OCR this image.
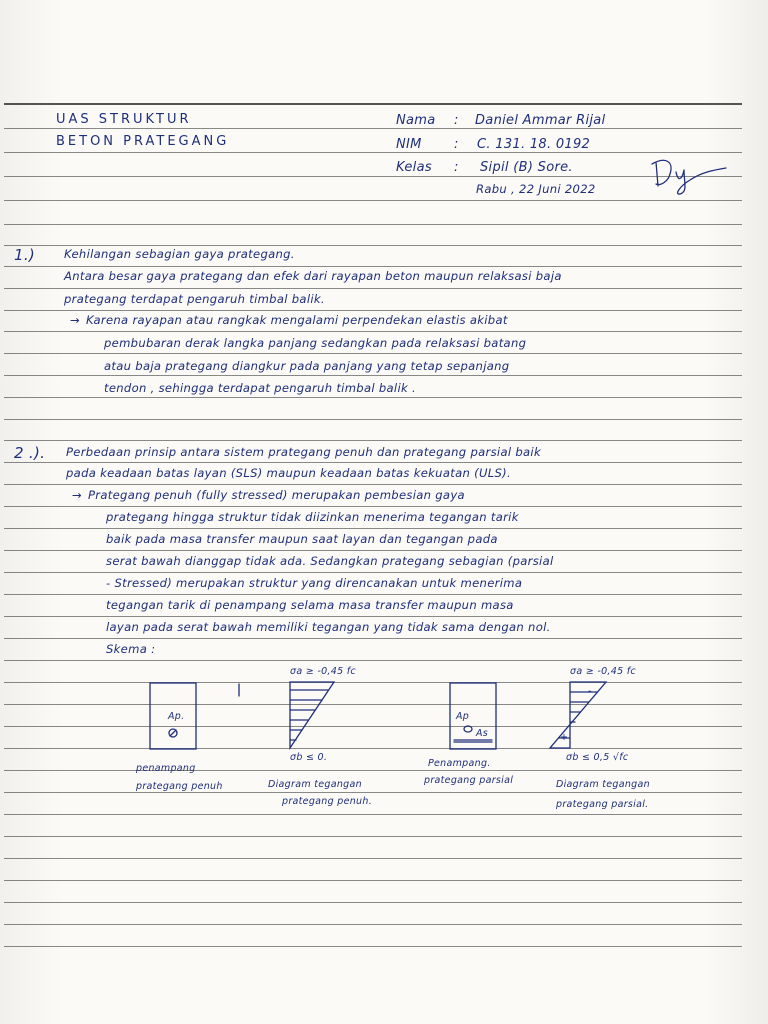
UAS STRUKTUR
BETON PRATEGANG
Nama : Daniel Ammar Rijal
NIM : C. 131. 18. 0192
Kelas : Sipil (B) Sore.
Rabu , 22 Juni 2022
1.) Kehilangan sebagian gaya prategang.
Antara besar gaya prategang dan efek dari rayapan beton maupun relaksasi baja
prategang terdapat pengaruh timbal balik.
→ Karena rayapan atau rangkak mengalami perpendekan elastis akibat
pembubaran derak langka panjang sedangkan pada relaksasi batang
atau baja prategang diangkur pada panjang yang tetap sepanjang
tendon , sehingga terdapat pengaruh timbal balik .
2 .). Perbedaan prinsip antara sistem prategang penuh dan prategang parsial baik
pada keadaan batas layan (SLS) maupun keadaan batas kekuatan (ULS).
→ Prategang penuh (fully stressed) merupakan pembesian gaya
prategang hingga struktur tidak diizinkan menerima tegangan tarik
baik pada masa transfer maupun saat layan dan tegangan pada
serat bawah dianggap tidak ada. Sedangkan prategang sebagian (parsial
- Stressed) merupakan struktur yang direncanakan untuk menerima
tegangan tarik di penampang selama masa transfer maupun masa
layan pada serat bawah memiliki tegangan yang tidak sama dengan nol.
Skema :
σa ≥ -0,45 fc
σb ≤ 0.
σa ≥ -0,45 fc
σb ≤ 0,5 √fc
Ap.	Ap
As
-
+
penampang
prategang penuh	Diagram tegangan
prategang penuh.
Penampang.
prategang parsial	Diagram tegangan
prategang parsial.
